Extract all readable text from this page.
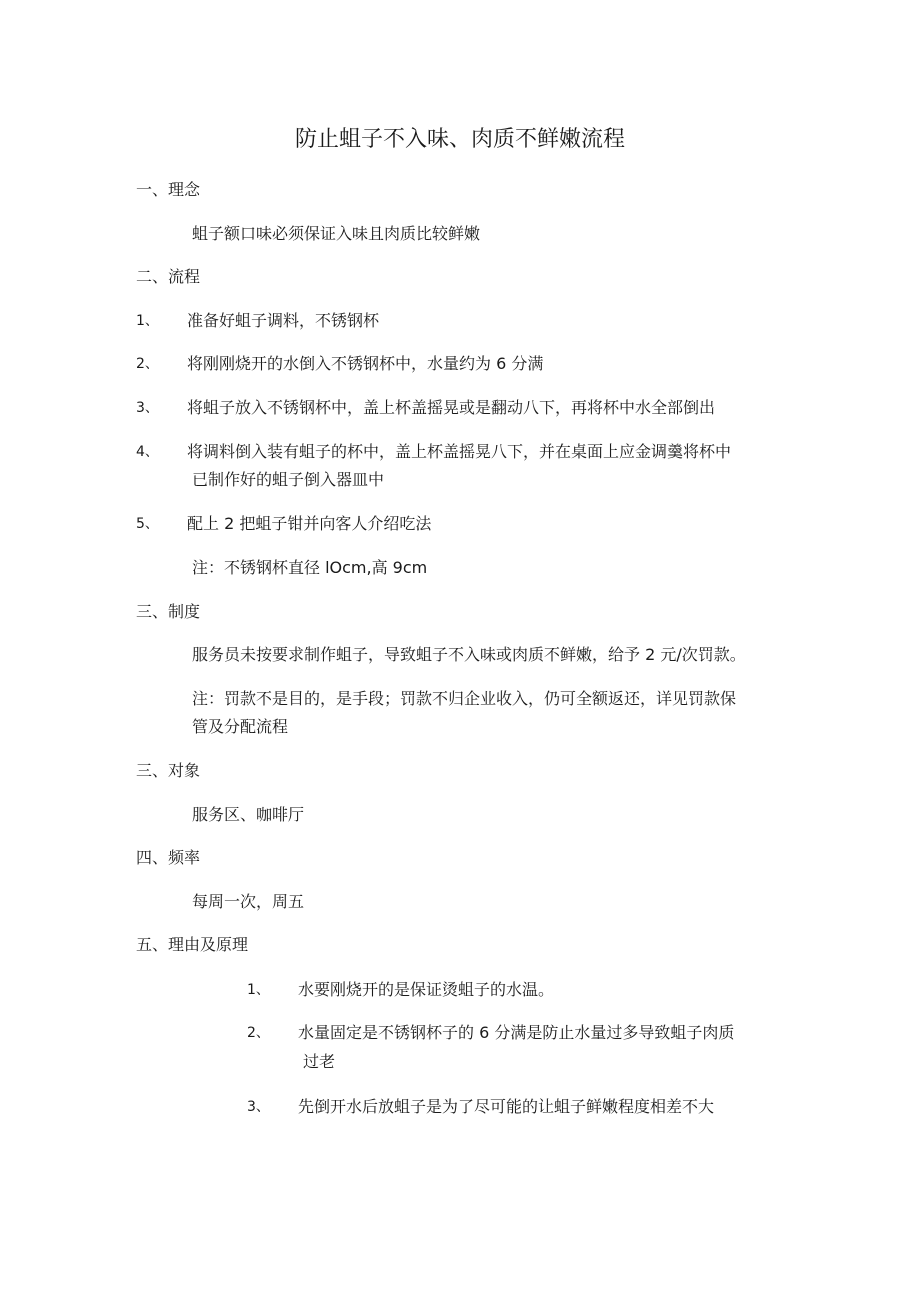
防止蛆子不入味、肉质不鲜嫩流程
一、理念
蛆子额口味必须保证入味且肉质比较鲜嫩
二、流程
1、 准备好蛆子调料，不锈钢杯
2、 将刚刚烧开的水倒入不锈钢杯中，水量约为 6 分满
3、 将蛆子放入不锈钢杯中，盖上杯盖摇晃或是翻动八下，再将杯中水全部倒出
4、 将调料倒入装有蛆子的杯中，盖上杯盖摇晃八下，并在桌面上应金调羹将杯中
已制作好的蛆子倒入器皿中
5、 配上 2 把蛆子钳并向客人介绍吃法
注：不锈钢杯直径 lOcm,高 9cm
三、制度
服务员未按要求制作蛆子，导致蛆子不入味或肉质不鲜嫩，给予 2 元/次罚款。
注：罚款不是目的，是手段；罚款不归企业收入，仍可全额返还，详见罚款保
管及分配流程
三、对象
服务区、咖啡厅
四、频率
每周一次，周五
五、理由及原理
1、 水要刚烧开的是保证烫蛆子的水温。
2、 水量固定是不锈钢杯子的 6 分满是防止水量过多导致蛆子肉质
过老
3、 先倒开水后放蛆子是为了尽可能的让蛆子鲜嫩程度相差不大
